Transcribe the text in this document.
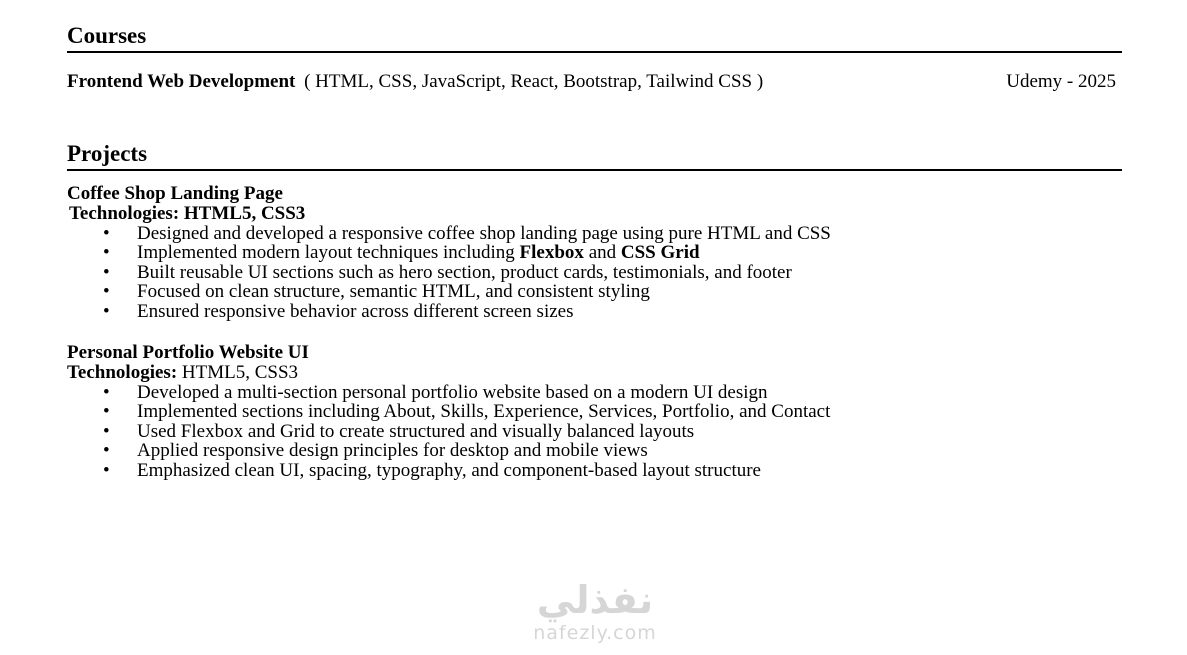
Courses
Frontend Web Development ( HTML, CSS, JavaScript, React, Bootstrap, Tailwind CSS )	Udemy - 2025
Projects
Coffee Shop Landing Page
Technologies: HTML5, CSS3
• Designed and developed a responsive coffee shop landing page using pure HTML and CSS
• Implemented modern layout techniques including Flexbox and CSS Grid
• Built reusable UI sections such as hero section, product cards, testimonials, and footer
• Focused on clean structure, semantic HTML, and consistent styling
• Ensured responsive behavior across different screen sizes
Personal Portfolio Website UI
Technologies: HTML5, CSS3
• Developed a multi-section personal portfolio website based on a modern UI design
• Implemented sections including About, Skills, Experience, Services, Portfolio, and Contact
• Used Flexbox and Grid to create structured and visually balanced layouts
• Applied responsive design principles for desktop and mobile views
• Emphasized clean UI, spacing, typography, and component-based layout structure
نفذلي
nafezly.com
